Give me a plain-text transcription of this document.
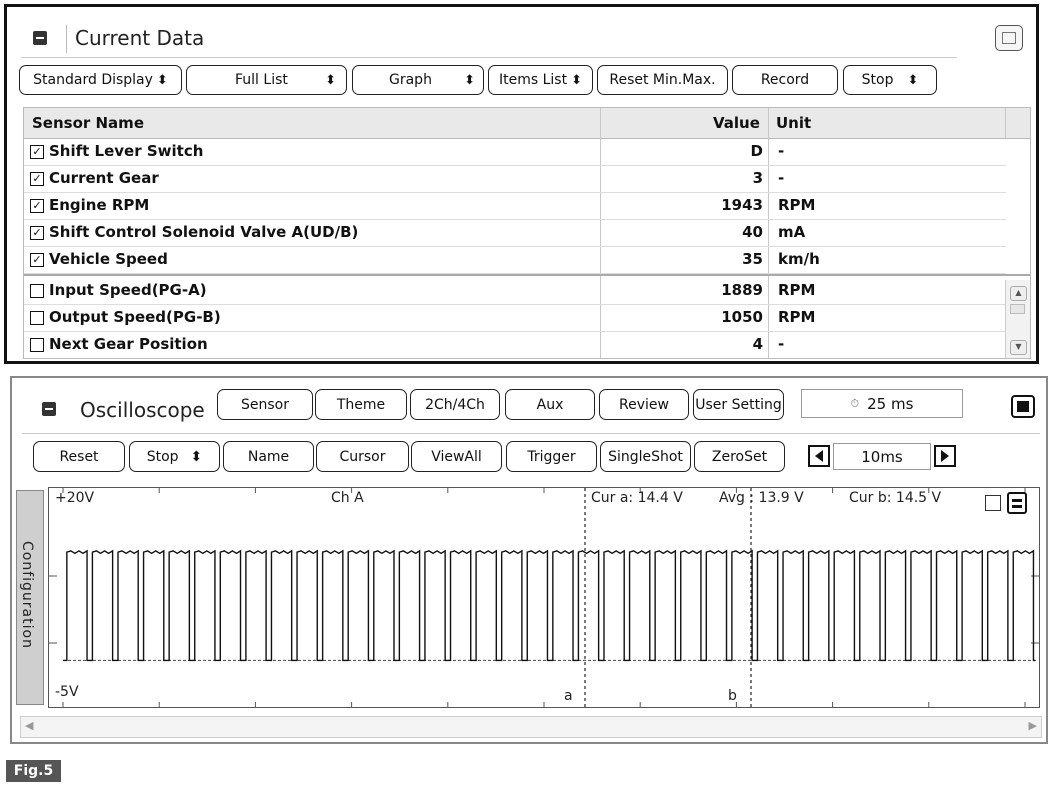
Current Data
Standard Display ⬍	Full List	⬍	Graph ⬍ Items List ⬍ Reset Min.Max.	Record	Stop ⬍
Sensor Name	Value Unit
✓ Shift Lever Switch	D -
✓ Current Gear	3 -
✓ Engine RPM	1943 RPM
✓ Shift Control Solenoid Valve A(UD/B)	40 mA
✓ Vehicle Speed	35 km/h
Input Speed(PG-A)	1889 RPM
Output Speed(PG-B)	1050 RPM
Next Gear Position	4 -
▲
▼
Oscilloscope	Sensor	Theme	2Ch/4Ch	Aux	Review User Setting	⏱ 25 ms
Reset	Stop ⬍	Name	Cursor	ViewAll	Trigger SingleShot ZeroSet	10ms
Configuration
+20V
-5V
Ch A	Cur a: 14.4 V	Avg : 13.9 V	Cur b: 14.5 V
a	b
◀	▶
Fig.5
